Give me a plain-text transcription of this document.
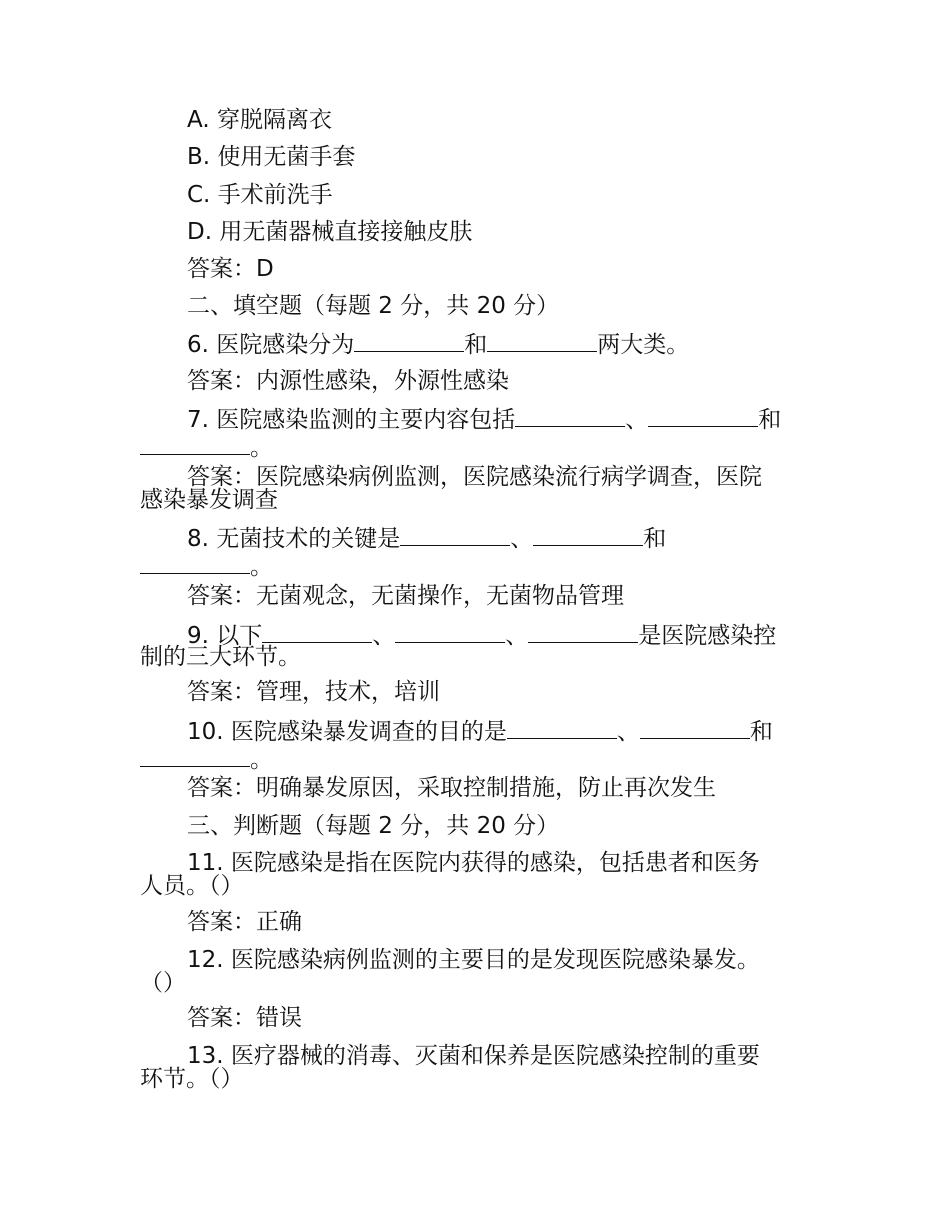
A. 穿脱隔离衣
B. 使用无菌手套
C. 手术前洗手
D. 用无菌器械直接接触皮肤
答案：D
二、填空题（每题 2 分，共 20 分）
6. 医院感染分为	和	两大类。
答案：内源性感染，外源性感染
7. 医院感染监测的主要内容包括	、	和
。
答案：医院感染病例监测，医院感染流行病学调查，医院
感染暴发调查
8. 无菌技术的关键是	、	和
。
答案：无菌观念，无菌操作，无菌物品管理
9. 以下	、	、	是医院感染控
制的三大环节。
答案：管理，技术，培训
10. 医院感染暴发调查的目的是	、	和
。
答案：明确暴发原因，采取控制措施，防止再次发生
三、判断题（每题 2 分，共 20 分）
11. 医院感染是指在医院内获得的感染，包括患者和医务
人员。（）
答案：正确
12. 医院感染病例监测的主要目的是发现医院感染暴发。
（）
答案：错误
13. 医疗器械的消毒、灭菌和保养是医院感染控制的重要
环节。（）
